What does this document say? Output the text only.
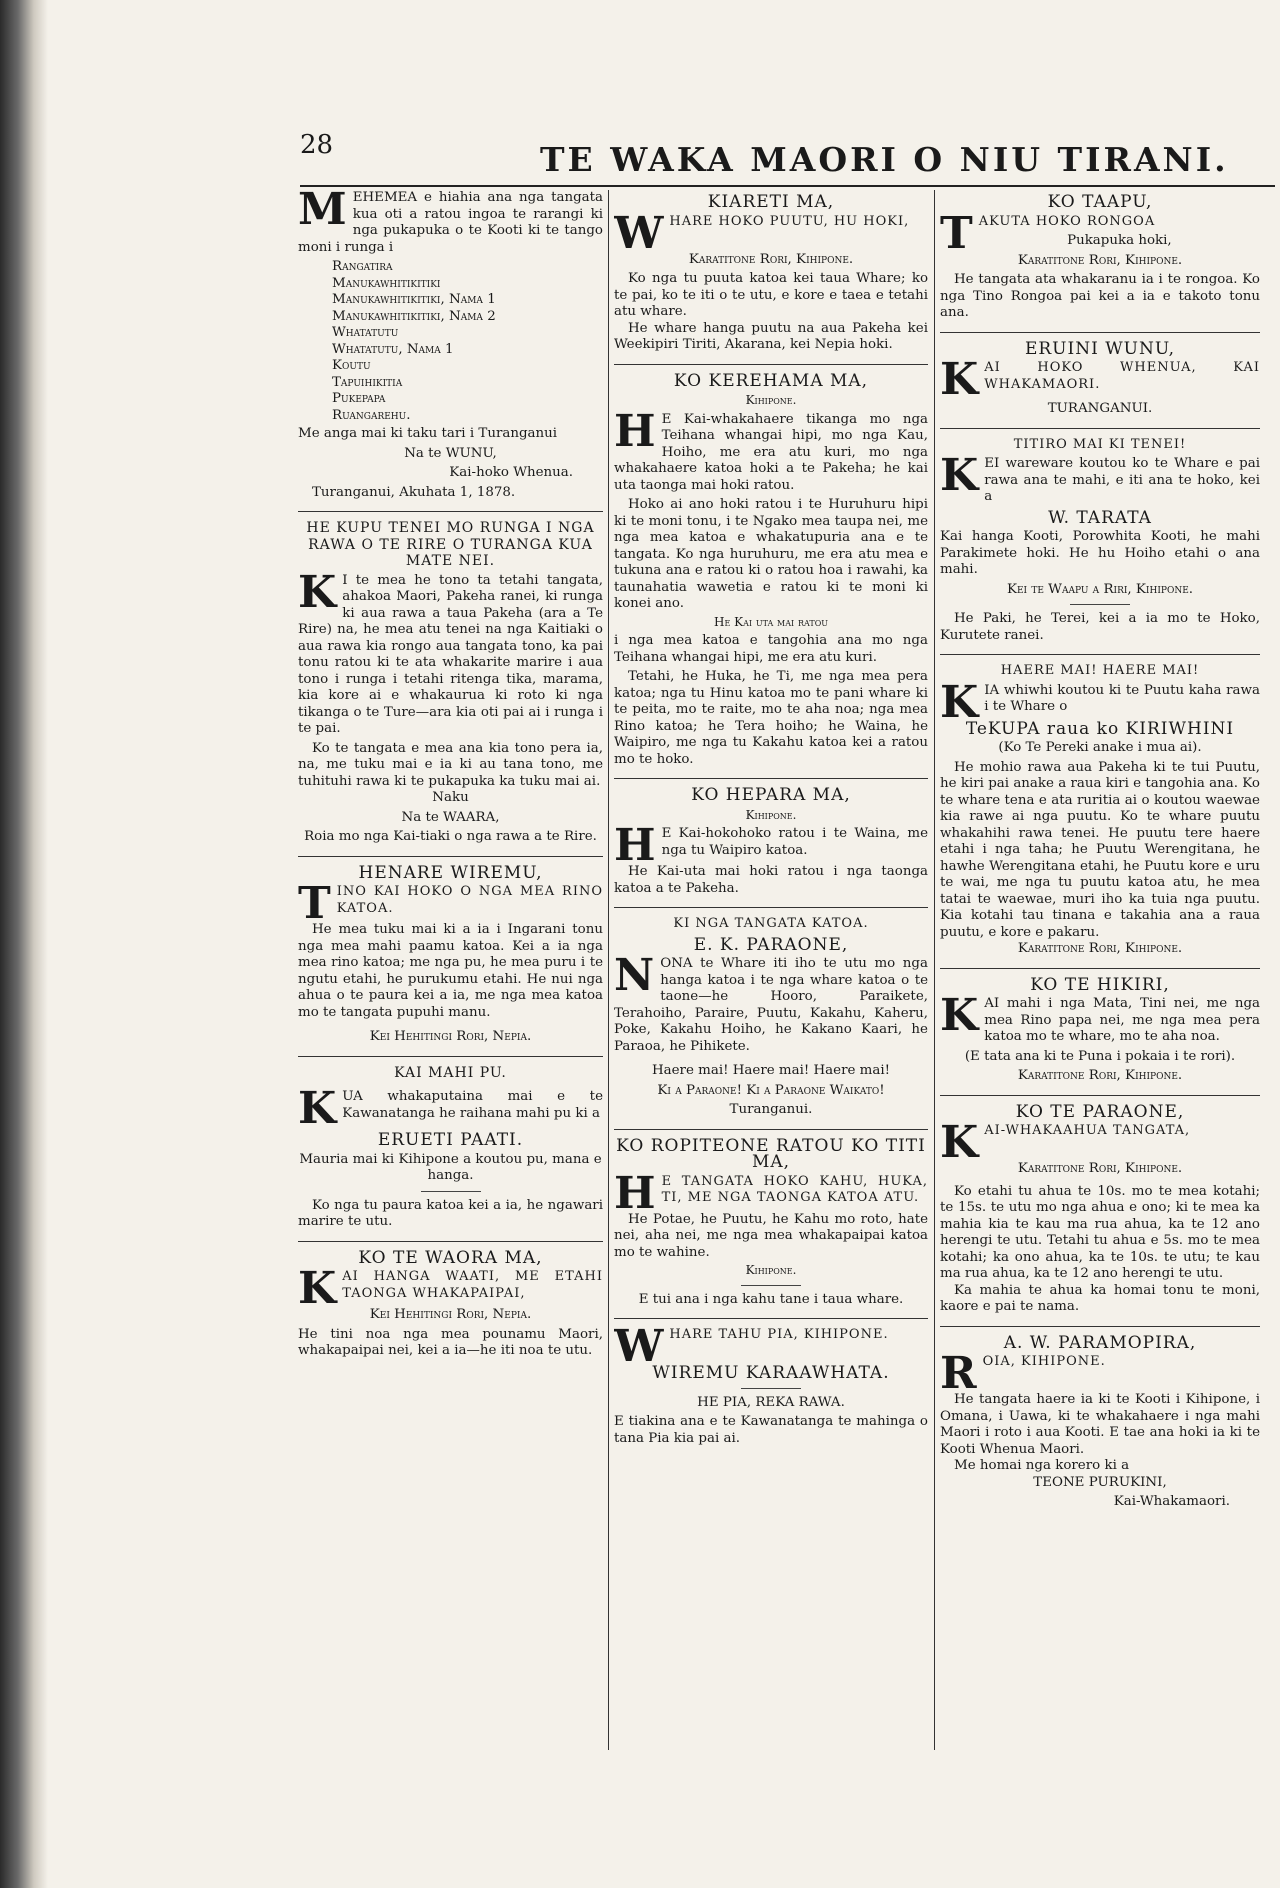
28	TE WAKA MAORI O NIU TIRANI.

MEHEMEA e hiahia ana nga tangata kua oti a ratou ingoa te rarangi ki nga pukapuka o te Kooti ki te tango moni i runga i

Rangatira
Manukawhitikitiki
Manukawhitikitiki, Nama 1
Manukawhitikitiki, Nama 2
Whatatutu
Whatatutu, Nama 1
Koutu
Tapuihikitia
Pukepapa
Ruangarehu.

Me anga mai ki taku tari i Turanganui

Na te WUNU,

Kai-hoko Whenua.

Turanganui, Akuhata 1, 1878.

HE KUPU TENEI MO RUNGA I NGA RAWA O TE RIRE O TURANGA KUA MATE NEI.

K I te mea he tono ta tetahi tangata, ahakoa Maori, Pakeha ranei, ki runga ki aua rawa a taua Pakeha (ara a Te Rire) na, he mea atu tenei na nga Kaitiaki o aua rawa kia rongo aua tangata tono, ka pai tonu ratou ki te ata whakarite marire i aua tono i runga i tetahi ritenga tika, marama, kia kore ai e whakaurua ki roto ki nga tikanga o te Ture—ara kia oti pai ai i runga i te pai.

Ko te tangata e mea ana kia tono pera ia, na, me tuku mai e ia ki au tana tono, me tuhituhi rawa ki te pukapuka ka tuku mai ai.

Naku

Na te WAARA,

Roia mo nga Kai-tiaki o nga rawa a te Rire.

HENARE WIREMU,

TINO KAI HOKO O NGA MEA RINO KATOA.

He mea tuku mai ki a ia i Ingarani tonu nga mea mahi paamu katoa. Kei a ia nga mea rino katoa; me nga pu, he mea puru i te ngutu etahi, he purukumu etahi. He nui nga ahua o te paura kei a ia, me nga mea katoa mo te tangata pupuhi manu.

Kei Hehitingi Rori, Nepia.

KAI MAHI PU.

KUA whakaputaina mai e te Kawanatanga he raihana mahi pu ki a

ERUETI PAATI.

Mauria mai ki Kihipone a koutou pu, mana e hanga.

Ko nga tu paura katoa kei a ia, he ngawari marire te utu.

KO TE WAORA MA,

KAI HANGA WAATI, ME ETAHI TAONGA WHAKAPAIPAI,

Kei Hehitingi Rori, Nepia.

He tini noa nga mea pounamu Maori, whakapaipai nei, kei a ia—he iti noa te utu.

KIARETI MA,

WHARE HOKO PUUTU, HU HOKI,

Karatitone Rori, Kihipone.

Ko nga tu puuta katoa kei taua Whare; ko te pai, ko te iti o te utu, e kore e taea e tetahi atu whare.

He whare hanga puutu na aua Pakeha kei Weekipiri Tiriti, Akarana, kei Nepia hoki.

KO KEREHAMA MA,

Kihipone.

H E Kai-whakahaere tikanga mo nga Teihana whangai hipi, mo nga Kau, Hoiho, me era atu kuri, mo nga whakahaere katoa hoki a te Pakeha; he kai uta taonga mai hoki ratou.

Hoko ai ano hoki ratou i te Huruhuru hipi ki te moni tonu, i te Ngako mea taupa nei, me nga mea katoa e whakatupuria ana e te tangata. Ko nga huruhuru, me era atu mea e tukuna ana e ratou ki o ratou hoa i rawahi, ka taunahatia wawetia e ratou ki te moni ki konei ano.

He Kai uta mai ratou

i nga mea katoa e tangohia ana mo nga Teihana whangai hipi, me era atu kuri.

Tetahi, he Huka, he Ti, me nga mea pera katoa; nga tu Hinu katoa mo te pani whare ki te peita, mo te raite, mo te aha noa; nga mea Rino katoa; he Tera hoiho; he Waina, he Waipiro, me nga tu Kakahu katoa kei a ratou mo te hoko.

KO HEPARA MA,

Kihipone.

H E Kai-hokohoko ratou i te Waina, me nga tu Waipiro katoa.

He Kai-uta mai hoki ratou i nga taonga katoa a te Pakeha.

KI NGA TANGATA KATOA.
E. K. PARAONE,

NONA te Whare iti iho te utu mo nga hanga katoa i te nga whare katoa o te taone—he Hooro, Paraikete, Terahoiho, Paraire, Puutu, Kakahu, Kaheru, Poke, Kakahu Hoiho, he Kakano Kaari, he Paraoa, he Pihikete.

Haere mai! Haere mai! Haere mai!

Ki a Paraone! Ki a Paraone Waikato!

Turanganui.

KO ROPITEONE RATOU KO TITI MA,

H E TANGATA HOKO KAHU, HUKA, TI, ME NGA TAONGA KATOA ATU.

He Potae, he Puutu, he Kahu mo roto, hate nei, aha nei, me nga mea whakapaipai katoa mo te wahine.

Kihipone.

E tui ana i nga kahu tane i taua whare.

WHARE TAHU PIA, KIHIPONE.

WIREMU KARAAWHATA.

HE PIA, REKA RAWA.

E tiakina ana e te Kawanatanga te mahinga o tana Pia kia pai ai.

KO TAAPU,

TAKUTA HOKO RONGOA

Pukapuka hoki,

Karatitone Rori, Kihipone.

He tangata ata whakaranu ia i te rongoa. Ko nga Tino Rongoa pai kei a ia e takoto tonu ana.

ERUINI WUNU,

KAI HOKO WHENUA, KAI WHAKAMAORI.

TURANGANUI.

TITIRO MAI KI TENEI!

KEI wareware koutou ko te Whare e pai rawa ana te mahi, e iti ana te hoko, kei a

W. TARATA

Kai hanga Kooti, Porowhita Kooti, he mahi Parakimete hoki. He hu Hoiho etahi o ana mahi.

Kei te Waapu a Riri, Kihipone.

He Paki, he Terei, kei a ia mo te Hoko, Kurutete ranei.

HAERE MAI! HAERE MAI!

KIA whiwhi koutou ki te Puutu kaha rawa i te Whare o

TeKUPA raua ko KIRIWHINI

(Ko Te Pereki anake i mua ai).

He mohio rawa aua Pakeha ki te tui Puutu, he kiri pai anake a raua kiri e tangohia ana. Ko te whare tena e ata ruritia ai o koutou waewae kia rawe ai nga puutu. Ko te whare puutu whakahihi rawa tenei. He puutu tere haere etahi i nga taha; he Puutu Werengitana, he hawhe Werengitana etahi, he Puutu kore e uru te wai, me nga tu puutu katoa atu, he mea tatai te waewae, muri iho ka tuia nga puutu. Kia kotahi tau tinana e takahia ana a raua puutu, e kore e pakaru.

Karatitone Rori, Kihipone.

KO TE HIKIRI,

KAI mahi i nga Mata, Tini nei, me nga mea Rino papa nei, me nga mea pera katoa mo te whare, mo te aha noa.

(E tata ana ki te Puna i pokaia i te rori).

Karatitone Rori, Kihipone.

KO TE PARAONE,

KAI-WHAKAAHUA TANGATA,

Karatitone Rori, Kihipone.

Ko etahi tu ahua te 10s. mo te mea kotahi; te 15s. te utu mo nga ahua e ono; ki te mea ka mahia kia te kau ma rua ahua, ka te 12 ano herengi te utu. Tetahi tu ahua e 5s. mo te mea kotahi; ka ono ahua, ka te 10s. te utu; te kau ma rua ahua, ka te 12 ano herengi te utu.

Ka mahia te ahua ka homai tonu te moni, kaore e pai te nama.

A. W. PARAMOPIRA,

ROIA, KIHIPONE.

He tangata haere ia ki te Kooti i Kihipone, i Omana, i Uawa, ki te whakahaere i nga mahi Maori i roto i aua Kooti. E tae ana hoki ia ki te Kooti Whenua Maori.

Me homai nga korero ki a

TEONE PURUKINI,

Kai-Whakamaori.
